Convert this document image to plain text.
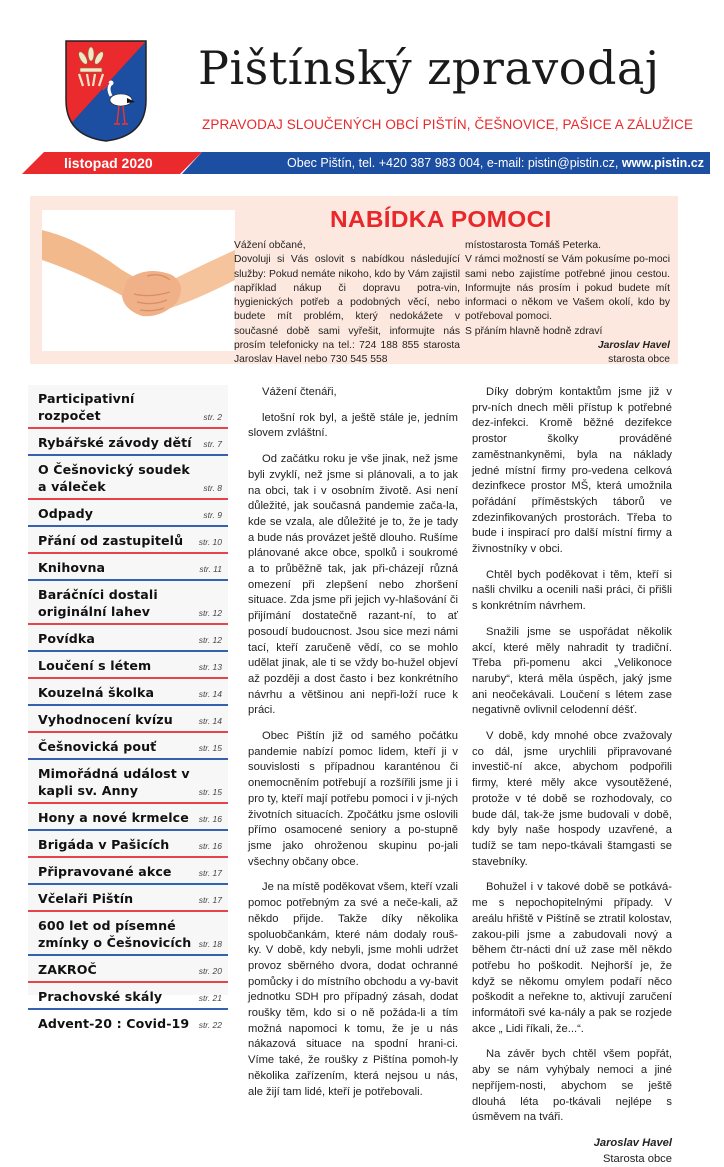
Pištínský zpravodaj
ZPRAVODAJ SLOUČENÝCH OBCÍ PIŠTÍN, ČEŠNOVICE, PAŠICE A ZÁLUŽICE
listopad 2020	Obec Pištín, tel. +420 387 983 004, e-mail: pistin@pistin.cz, www.pistin.cz
NABÍDKA POMOCI
Vážení občané,
Dovoluji si Vás oslovit s nabídkou následující služby: Pokud nemáte nikoho, kdo by Vám zajistil například nákup či dopravu potra-vin, hygienických potřeb a podobných věcí, nebo budete mít problém, který nedokážete v současné době sami vyřešit, informujte nás prosím telefonicky na tel.: 724 188 855 starosta Jaroslav Havel nebo 730 545 558
místostarosta Tomáš Peterka.
V rámci možností se Vám pokusíme po-moci sami nebo zajistíme potřebné jinou cestou. Informujte nás prosím i pokud budete mít informaci o někom ve Vašem okolí, kdo by potřeboval pomoci.
S přáním hlavně hodně zdraví
Jaroslav Havel
starosta obce
Participativní rozpočet	str. 2
Rybářské závody dětí	str. 7
O Češnovický soudek a váleček	str. 8
Odpady	str. 9
Přání od zastupitelů	str. 10
Knihovna	str. 11
Baráčníci dostali originální lahev	str. 12
Povídka	str. 12
Loučení s létem	str. 13
Kouzelná školka	str. 14
Vyhodnocení kvízu	str. 14
Češnovická pouť	str. 15
Mimořádná událost v kapli sv. Anny	str. 15
Hony a nové krmelce	str. 16
Brigáda v Pašicích	str. 16
Připravované akce	str. 17
Včelaři Pištín	str. 17
600 let od písemné zmínky o Češnovicích str. 18
ZAKROČ	str. 20
Prachovské skály	str. 21
Advent-20 : Covid-19	str. 22

Vážení čtenáři,

letošní rok byl, a ještě stále je, jedním slovem zvláštní.

Od začátku roku je vše jinak, než jsme byli zvyklí, než jsme si plánovali, a to jak na obci, tak i v osobním životě. Asi není důležité, jak současná pandemie zača-la, kde se vzala, ale důležité je to, že je tady a bude nás provázet ještě dlouho. Rušíme plánované akce obce, spolků i soukromé a to průběžně tak, jak při-cházejí různá omezení při zlepšení nebo zhoršení situace. Zda jsme při jejich vy-hlašování či přijímání dostatečně razant-ní, to ať posoudí budoucnost. Jsou sice mezi námi tací, kteří zaručeně vědí, co se mohlo udělat jinak, ale ti se vždy bo-hužel objeví až později a dost často i bez konkrétního návrhu a většinou ani nepři-loží ruce k práci.

Obec Pištín již od samého počátku pandemie nabízí pomoc lidem, kteří ji v souvislosti s případnou karanténou či onemocněním potřebují a rozšířili jsme ji i pro ty, kteří mají potřebu pomoci i v ji-ných životních situacích. Zpočátku jsme oslovili přímo osamocené seniory a po-stupně jsme jako ohroženou skupinu po-jali všechny občany obce.

Je na místě poděkovat všem, kteří vzali pomoc potřebným za své a neče-kali, až někdo přijde. Takže díky několika spoluobčankám, které nám dodaly rouš-ky. V době, kdy nebyli, jsme mohli udržet provoz sběrného dvora, dodat ochranné pomůcky i do místního obchodu a vy-bavit jednotku SDH pro případný zásah, dodat roušky těm, kdo si o ně požáda-li a tím možná napomoci k tomu, že je u nás nákazová situace na spodní hrani-ci. Víme také, že roušky z Pištína pomoh-ly několika zařízením, která nejsou u nás, ale žijí tam lidé, kteří je potřebovali.

Díky dobrým kontaktům jsme již v prv-ních dnech měli přístup k potřebné dez-infekci. Kromě běžné dezifekce prostor školky prováděné zaměstnankyněmi, byla na náklady jedné místní firmy pro-vedena celková dezinfkece prostor MŠ, která umožnila pořádání příměstských táborů ve zdezinfikovaných prostorách. Třeba to bude i inspirací pro další místní firmy a živnostníky v obci.

Chtěl bych poděkovat i těm, kteří si našli chvilku a ocenili naši práci, či přišli s konkrétním návrhem.

Snažili jsme se uspořádat několik akcí, které měly nahradit ty tradiční. Třeba při-pomenu akci „Velikonoce naruby“, která měla úspěch, jaký jsme ani neočekávali. Loučení s létem zase negativně ovlivnil celodenní déšť.

V době, kdy mnohé obce zvažovaly co dál, jsme urychlili připravované investič-ní akce, abychom podpořili firmy, které měly akce vysoutěžené, protože v té době se rozhodovaly, co bude dál, tak-že jsme budovali v době, kdy byly naše hospody uzavřené, a tudíž se tam nepo-tkávali štamgasti se stavebníky.

Bohužel i v takové době se potkává-me s nepochopitelnými případy. V areálu hřiště v Pištíně se ztratil kolostav, zakou-pili jsme a zabudovali nový a během čtr-nácti dní už zase měl někdo potřebu ho poškodit. Nejhorší je, že když se někomu omylem podaří něco poškodit a neřekne to, aktivují zaručení informátoři své ka-nály a pak se rozjede akce „ Lidi říkali, že...“.

Na závěr bych chtěl všem popřát, aby se nám vyhýbaly nemoci a jiné nepříjem-nosti, abychom se ještě dlouhá léta po-tkávali nejlépe s úsměvem na tváři.

Jaroslav Havel
Starosta obce
